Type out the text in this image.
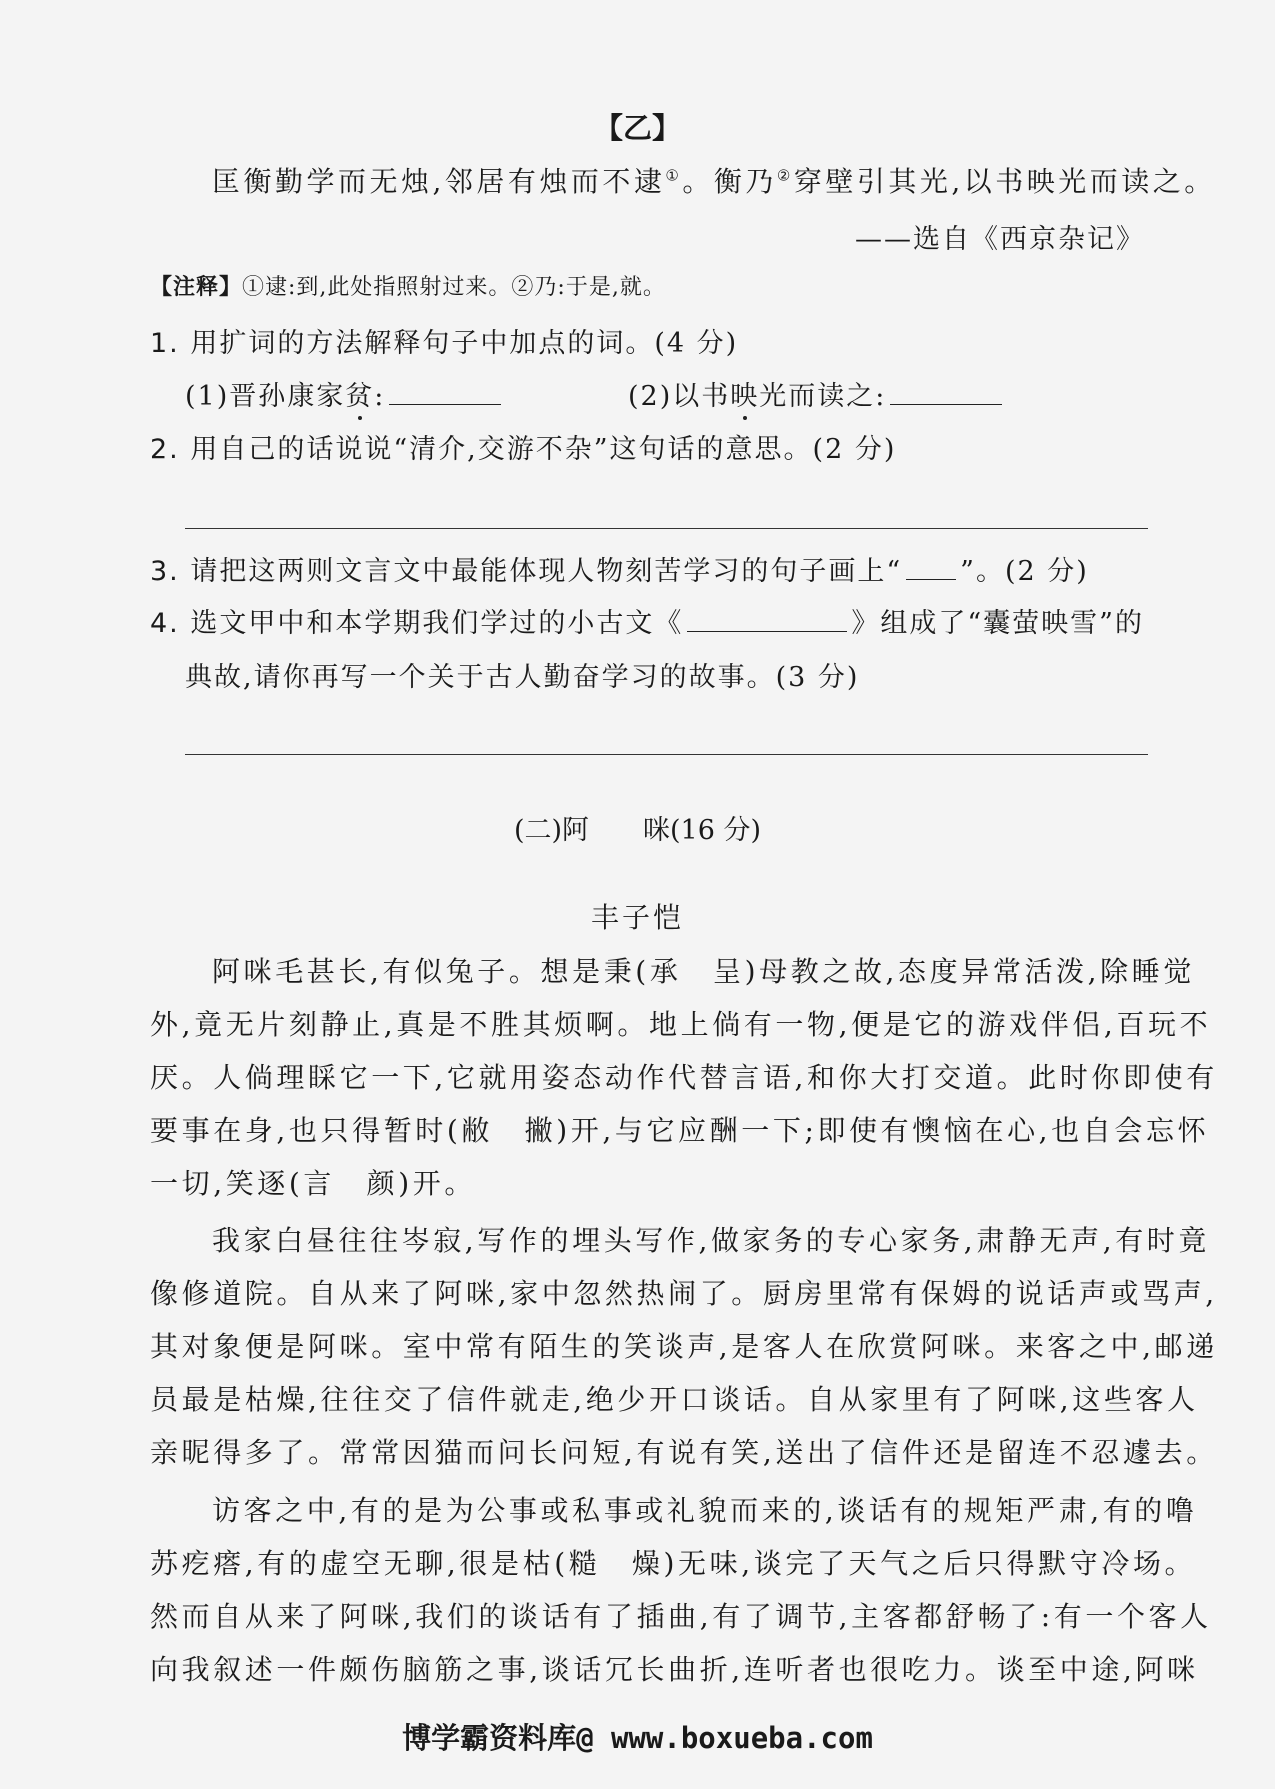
【乙】
匡衡勤学而无烛,邻居有烛而不逮①。衡乃②穿壁引其光,以书映光而读之。
——选自《西京杂记》
【注释】①逮:到,此处指照射过来。②乃:于是,就。
1. 用扩词的方法解释句子中加点的词。(4 分)
(1)晋孙康家贫:	(2)以书映光而读之:
2. 用自己的话说说“清介,交游不杂”这句话的意思。(2 分)
3. 请把这两则文言文中最能体现人物刻苦学习的句子画上“ ”。(2 分)
4. 选文甲中和本学期我们学过的小古文《	》组成了“囊萤映雪”的
典故,请你再写一个关于古人勤奋学习的故事。(3 分)
(二)阿　　咪(16 分)
丰子恺
阿咪毛甚长,有似兔子。想是秉(承　呈)母教之故,态度异常活泼,除睡觉
外,竟无片刻静止,真是不胜其烦啊。地上倘有一物,便是它的游戏伴侣,百玩不
厌。人倘理睬它一下,它就用姿态动作代替言语,和你大打交道。此时你即使有
要事在身,也只得暂时(敝　撇)开,与它应酬一下;即使有懊恼在心,也自会忘怀
一切,笑逐(言　颜)开。
我家白昼往往岑寂,写作的埋头写作,做家务的专心家务,肃静无声,有时竟
像修道院。自从来了阿咪,家中忽然热闹了。厨房里常有保姆的说话声或骂声,
其对象便是阿咪。室中常有陌生的笑谈声,是客人在欣赏阿咪。来客之中,邮递
员最是枯燥,往往交了信件就走,绝少开口谈话。自从家里有了阿咪,这些客人
亲昵得多了。常常因猫而问长问短,有说有笑,送出了信件还是留连不忍遽去。
访客之中,有的是为公事或私事或礼貌而来的,谈话有的规矩严肃,有的噜
苏疙瘩,有的虚空无聊,很是枯(糙　燥)无味,谈完了天气之后只得默守冷场。
然而自从来了阿咪,我们的谈话有了插曲,有了调节,主客都舒畅了:有一个客人
向我叙述一件颇伤脑筋之事,谈话冗长曲折,连听者也很吃力。谈至中途,阿咪
博学霸资料库@ www.boxueba.com
